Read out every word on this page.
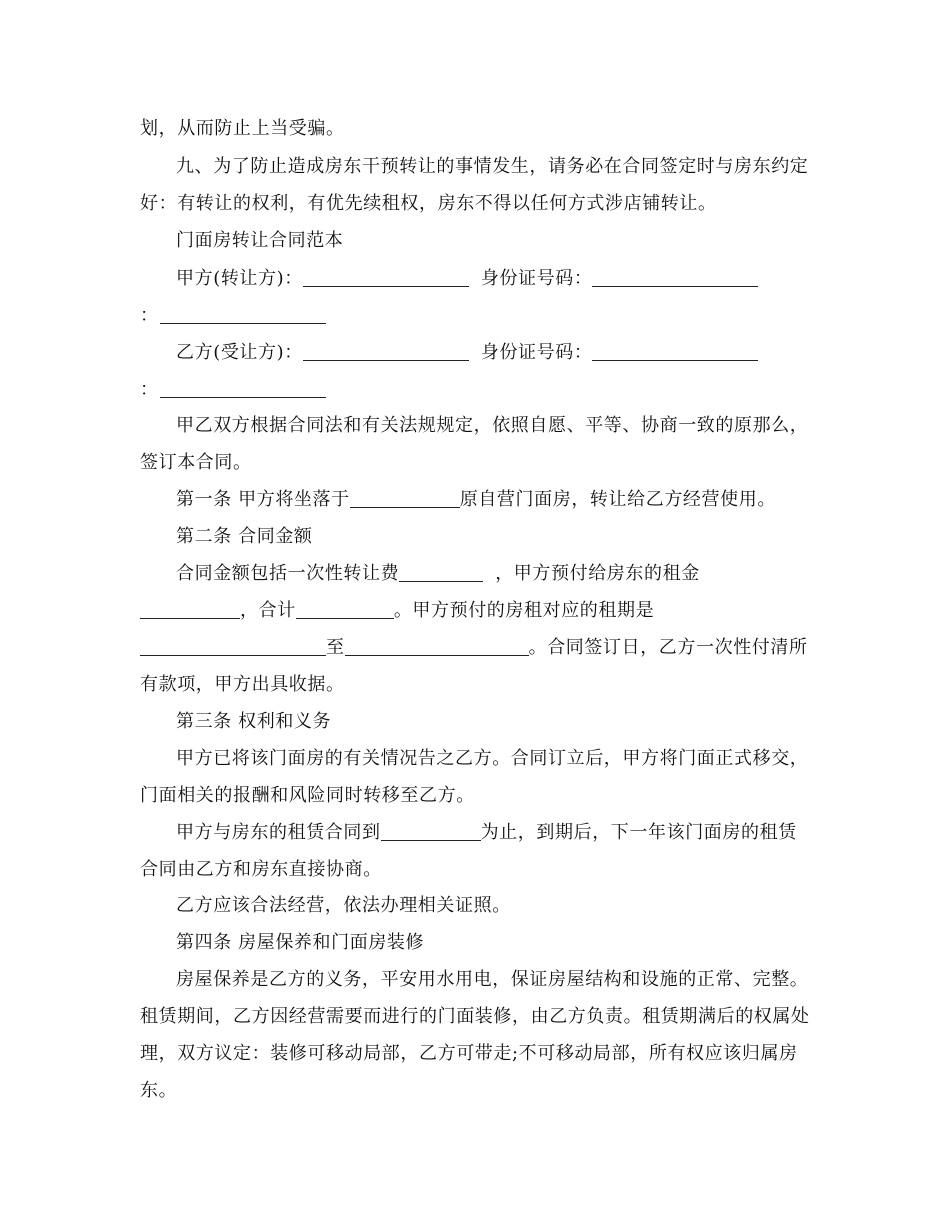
划，从而防止上当受骗。
九、为了防止造成房东干预转让的事情发生，请务必在合同签定时与房东约定
好：有转让的权利，有优先续租权，房东不得以任何方式涉店铺转让。
门面房转让合同范本
甲方(转让方)：	身份证号码：
：
乙方(受让方)：	身份证号码：
：
甲乙双方根据合同法和有关法规规定，依照自愿、平等、协商一致的原那么，
签订本合同。
第一条 甲方将坐落于	原自营门面房，转让给乙方经营使用。
第二条 合同金额
合同金额包括一次性转让费	，甲方预付给房东的租金
，合计	。甲方预付的房租对应的租期是
至	。合同签订日，乙方一次性付清所
有款项，甲方出具收据。
第三条 权利和义务
甲方已将该门面房的有关情况告之乙方。合同订立后，甲方将门面正式移交，
门面相关的报酬和风险同时转移至乙方。
甲方与房东的租赁合同到	为止，到期后，下一年该门面房的租赁
合同由乙方和房东直接协商。
乙方应该合法经营，依法办理相关证照。
第四条 房屋保养和门面房装修
房屋保养是乙方的义务，平安用水用电，保证房屋结构和设施的正常、完整。
租赁期间，乙方因经营需要而进行的门面装修，由乙方负责。租赁期满后的权属处
理，双方议定：装修可移动局部，乙方可带走;不可移动局部，所有权应该归属房
东。
